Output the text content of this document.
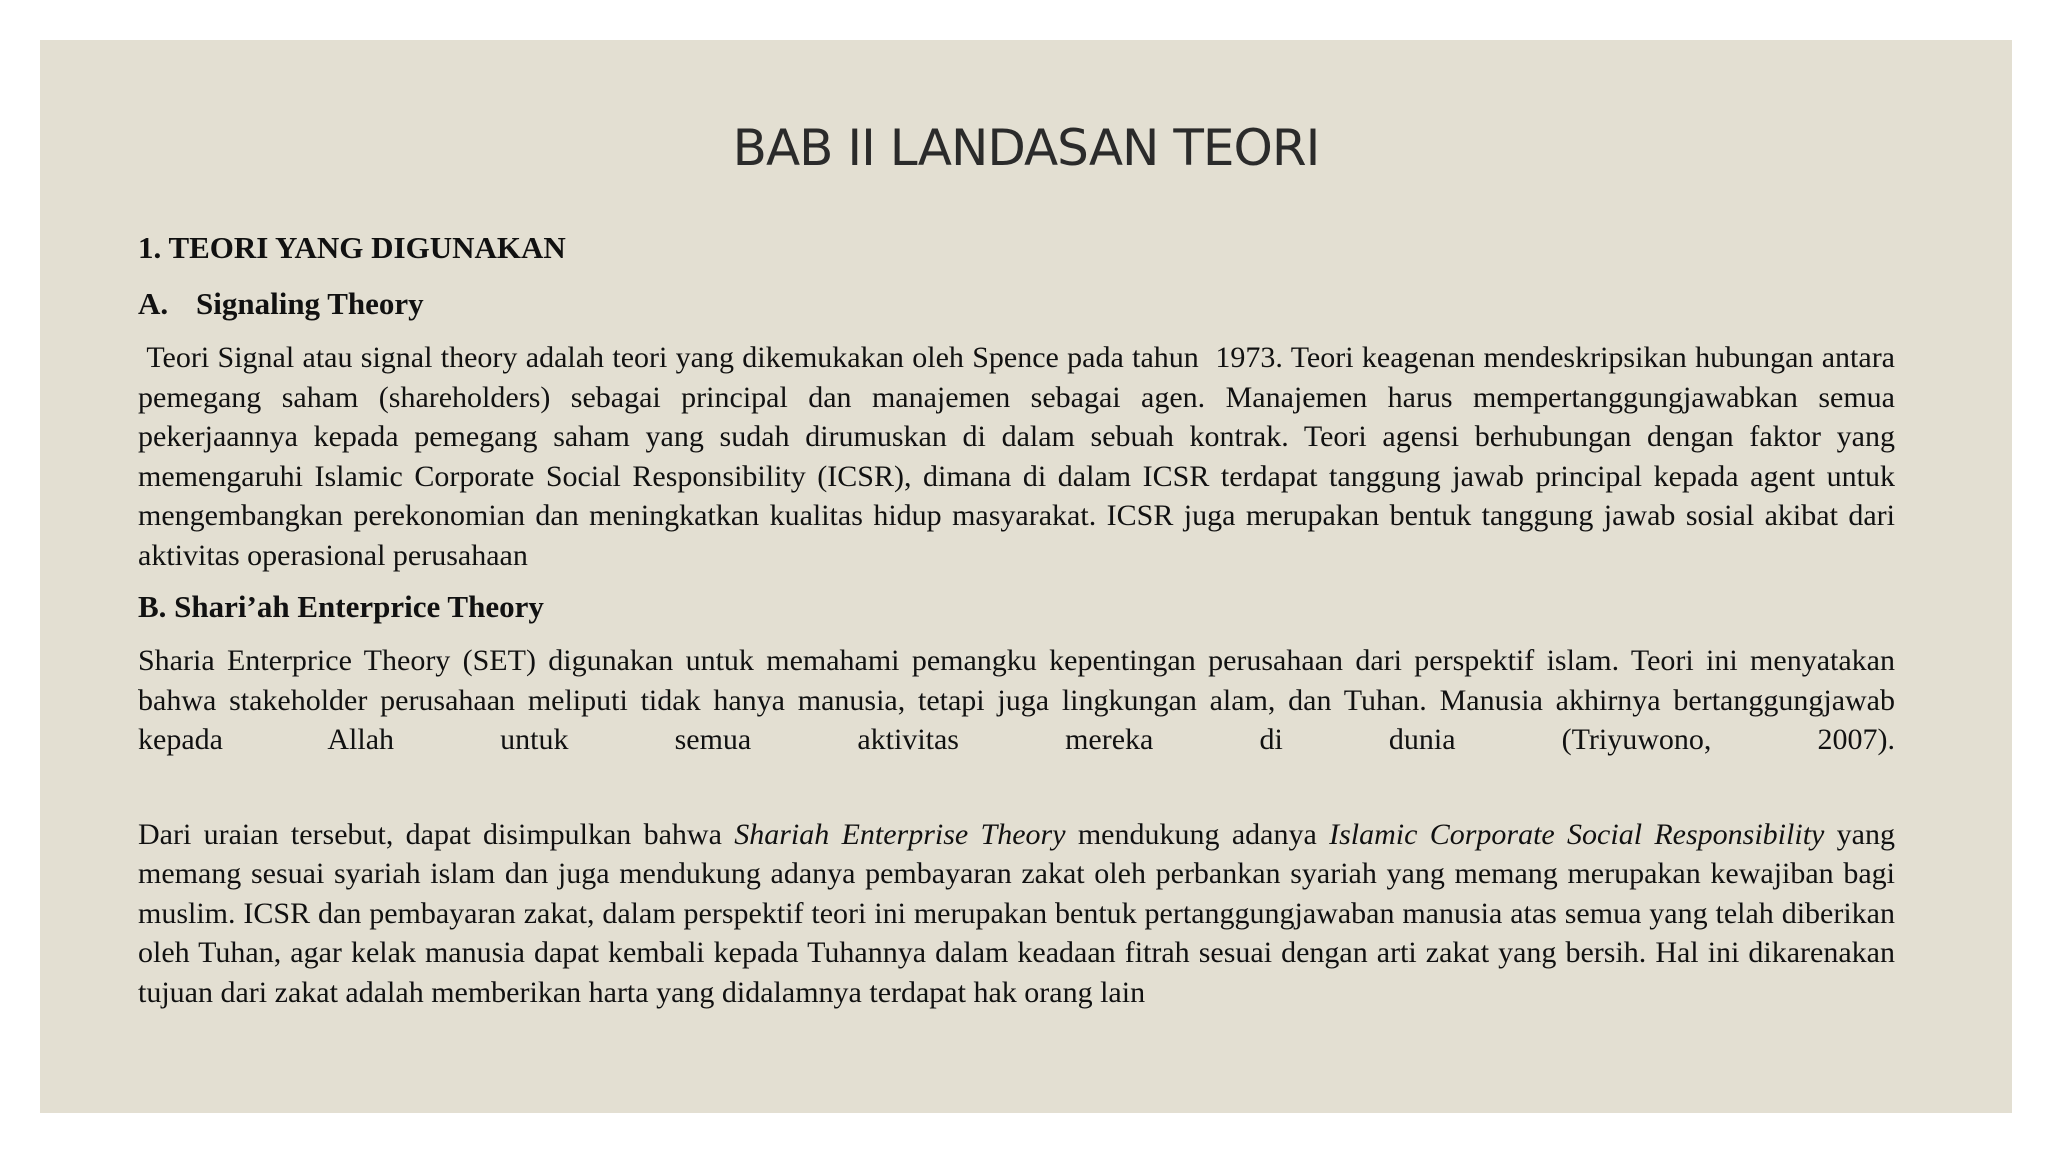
BAB II LANDASAN TEORI

1. TEORI YANG DIGUNAKAN

A. Signaling Theory

Teori Signal atau signal theory adalah teori yang dikemukakan oleh Spence pada tahun  1973. Teori keagenan mendeskripsikan hubungan antara pemegang saham (shareholders) sebagai principal dan manajemen sebagai agen. Manajemen harus mempertanggungjawabkan semua pekerjaannya kepada pemegang saham yang sudah dirumuskan di dalam sebuah kontrak. Teori agensi berhubungan dengan faktor yang memengaruhi Islamic Corporate Social Responsibility (ICSR), dimana di dalam ICSR terdapat tanggung jawab principal kepada agent untuk mengembangkan perekonomian dan meningkatkan kualitas hidup masyarakat. ICSR juga merupakan bentuk tanggung jawab sosial akibat dari aktivitas operasional perusahaan

B. Shari’ah Enterprice Theory

Sharia Enterprice Theory (SET) digunakan untuk memahami pemangku kepentingan perusahaan dari perspektif islam. Teori ini menyatakan bahwa stakeholder perusahaan meliputi tidak hanya manusia, tetapi juga lingkungan alam, dan Tuhan. Manusia akhirnya bertanggungjawab kepada Allah untuk semua aktivitas mereka di dunia (Triyuwono, 2007).

Dari uraian tersebut, dapat disimpulkan bahwa Shariah Enterprise Theory mendukung adanya Islamic Corporate Social Responsibility yang memang sesuai syariah islam dan juga mendukung adanya pembayaran zakat oleh perbankan syariah yang memang merupakan kewajiban bagi muslim. ICSR dan pembayaran zakat, dalam perspektif teori ini merupakan bentuk pertanggungjawaban manusia atas semua yang telah diberikan oleh Tuhan, agar kelak manusia dapat kembali kepada Tuhannya dalam keadaan fitrah sesuai dengan arti zakat yang bersih. Hal ini dikarenakan tujuan dari zakat adalah memberikan harta yang didalamnya terdapat hak orang lain
